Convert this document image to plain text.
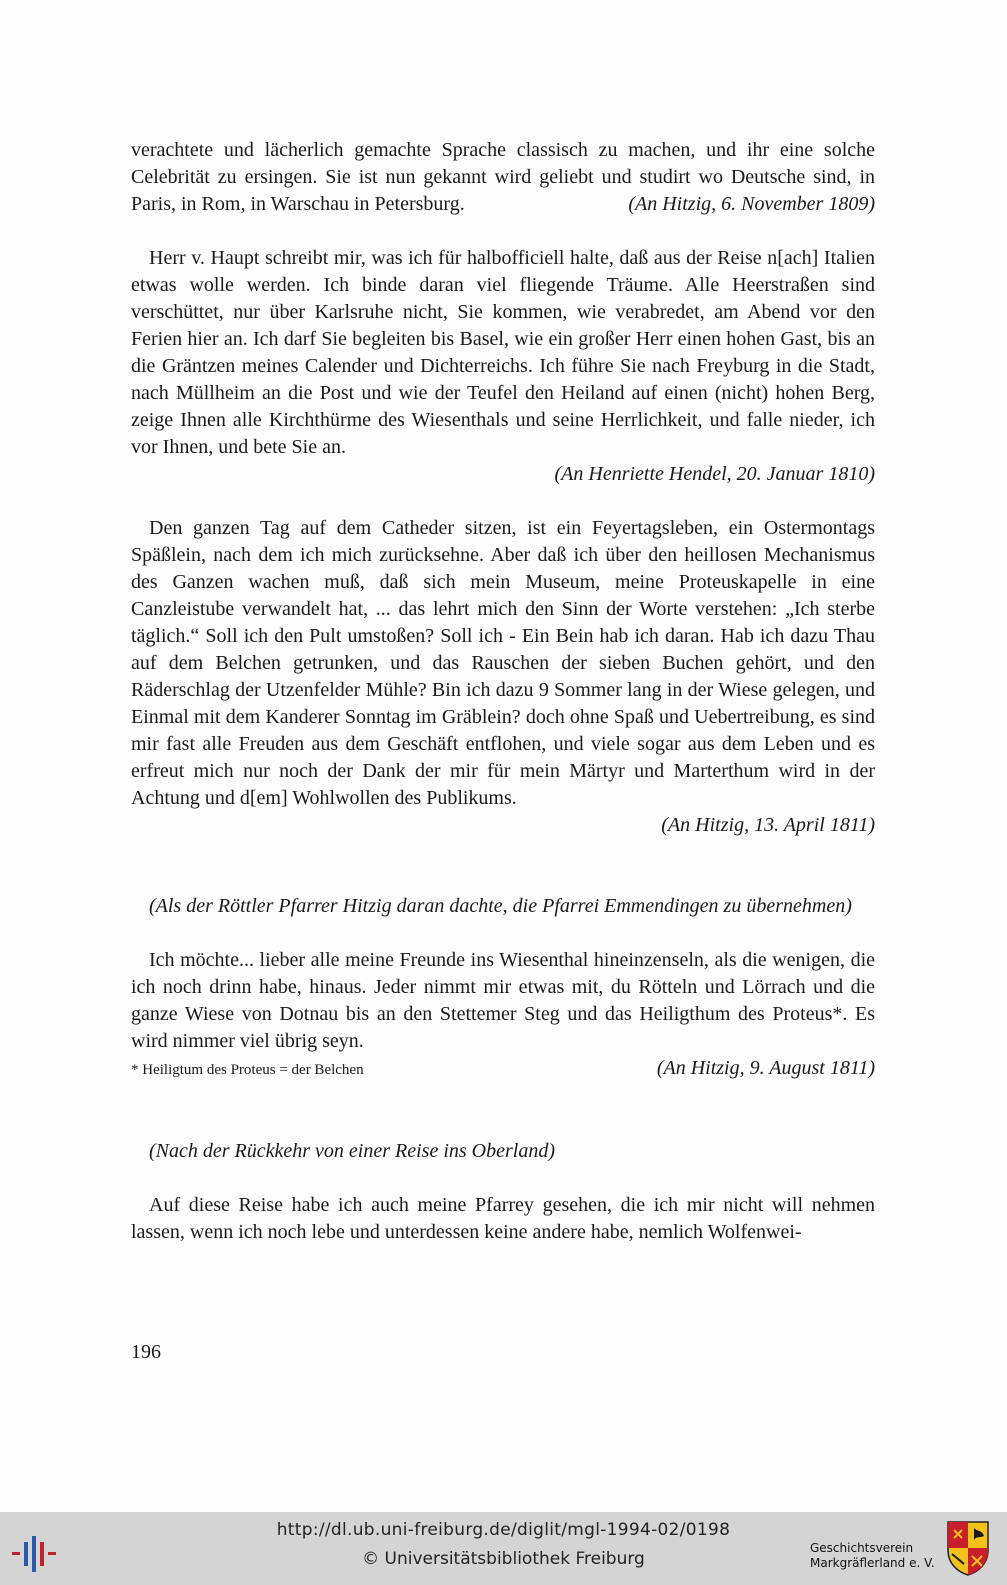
verachtete und lächerlich gemachte Sprache classisch zu machen, und ihr eine solche Celebrität zu ersingen. Sie ist nun gekannt wird geliebt und studirt wo Deutsche sind, in Paris, in Rom, in Warschau in Petersburg.	(An Hitzig, 6. November 1809)

Herr v. Haupt schreibt mir, was ich für halbofficiell halte, daß aus der Reise n[ach] Italien etwas wolle werden. Ich binde daran viel fliegende Träume. Alle Heerstraßen sind verschüttet, nur über Karlsruhe nicht, Sie kommen, wie verabredet, am Abend vor den Ferien hier an. Ich darf Sie begleiten bis Basel, wie ein großer Herr einen hohen Gast, bis an die Gräntzen meines Calender und Dichterreichs. Ich führe Sie nach Freyburg in die Stadt, nach Müllheim an die Post und wie der Teufel den Heiland auf einen (nicht) hohen Berg, zeige Ihnen alle Kirchthürme des Wiesenthals und seine Herrlichkeit, und falle nieder, ich vor Ihnen, und bete Sie an.

(An Henriette Hendel, 20. Januar 1810)

Den ganzen Tag auf dem Catheder sitzen, ist ein Feyertagsleben, ein Ostermontags Späßlein, nach dem ich mich zurücksehne. Aber daß ich über den heillosen Mechanismus des Ganzen wachen muß, daß sich mein Museum, meine Proteuskapelle in eine Canzleistube verwandelt hat, ... das lehrt mich den Sinn der Worte verstehen: „Ich sterbe täglich.“ Soll ich den Pult umstoßen? Soll ich - Ein Bein hab ich daran. Hab ich dazu Thau auf dem Belchen getrunken, und das Rauschen der sieben Buchen gehört, und den Räderschlag der Utzenfelder Mühle? Bin ich dazu 9 Sommer lang in der Wiese gelegen, und Einmal mit dem Kanderer Sonntag im Gräblein? doch ohne Spaß und Uebertreibung, es sind mir fast alle Freuden aus dem Geschäft entflohen, und viele sogar aus dem Leben und es erfreut mich nur noch der Dank der mir für mein Märtyr und Marterthum wird in der Achtung und d[em] Wohlwollen des Publikums.

(An Hitzig, 13. April 1811)

(Als der Röttler Pfarrer Hitzig daran dachte, die Pfarrei Emmendingen zu übernehmen)

Ich möchte... lieber alle meine Freunde ins Wiesenthal hineinzenseln, als die wenigen, die ich noch drinn habe, hinaus. Jeder nimmt mir etwas mit, du Rötteln und Lörrach und die ganze Wiese von Dotnau bis an den Stettemer Steg und das Heiligthum des Proteus*. Es wird nimmer viel übrig seyn.

* Heiligtum des Proteus = der Belchen	(An Hitzig, 9. August 1811)

(Nach der Rückkehr von einer Reise ins Oberland)

Auf diese Reise habe ich auch meine Pfarrey gesehen, die ich mir nicht will nehmen lassen, wenn ich noch lebe und unterdessen keine andere habe, nemlich Wolfenwei-

196
http://dl.ub.uni-freiburg.de/diglit/mgl-1994-02/0198
© Universitätsbibliothek Freiburg
Geschichtsverein
Markgräflerland e. V.
